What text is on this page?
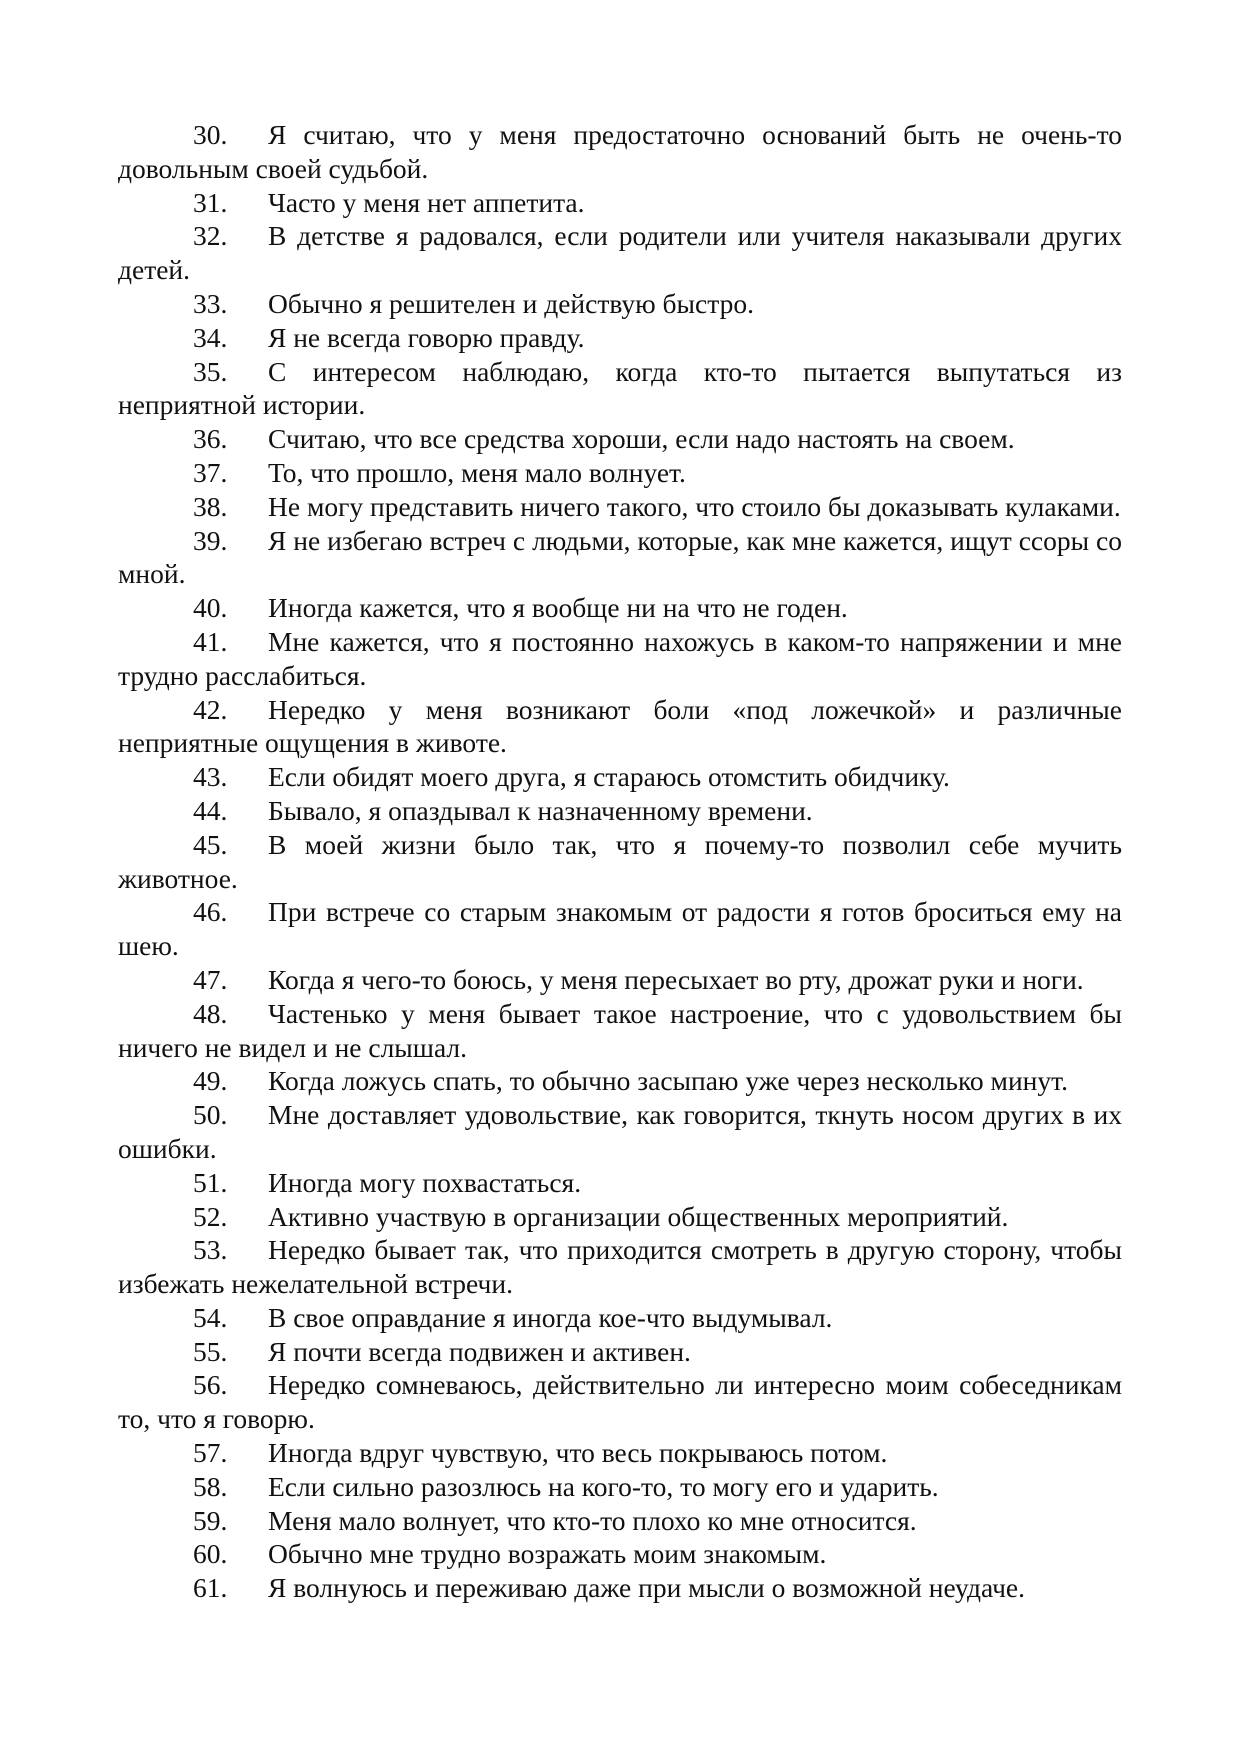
30. Я считаю, что у меня предостаточно оснований быть не очень-то довольным своей судьбой.

31. Часто у меня нет аппетита.

32. В детстве я радовался, если родители или учителя наказывали других детей.

33. Обычно я решителен и действую быстро.

34. Я не всегда говорю правду.

35. С интересом наблюдаю, когда кто-то пытается выпутаться из неприятной истории.

36. Считаю, что все средства хороши, если надо настоять на своем.

37. То, что прошло, меня мало волнует.

38. Не могу представить ничего такого, что стоило бы доказывать кулаками.

39. Я не избегаю встреч с людьми, которые, как мне кажется, ищут ссоры со мной.

40. Иногда кажется, что я вообще ни на что не годен.

41. Мне кажется, что я постоянно нахожусь в каком-то напряжении и мне трудно расслабиться.

42. Нередко у меня возникают боли «под ложечкой» и различные неприятные ощущения в животе.

43. Если обидят моего друга, я стараюсь отомстить обидчику.

44. Бывало, я опаздывал к назначенному времени.

45. В моей жизни было так, что я почему-то позволил себе мучить животное.

46. При встрече со старым знакомым от радости я готов броситься ему на шею.

47. Когда я чего-то боюсь, у меня пересыхает во рту, дрожат руки и ноги.

48. Частенько у меня бывает такое настроение, что с удовольствием бы ничего не видел и не слышал.

49. Когда ложусь спать, то обычно засыпаю уже через несколько минут.

50. Мне доставляет удовольствие, как говорится, ткнуть носом других в их ошибки.

51. Иногда могу похвастаться.

52. Активно участвую в организации общественных мероприятий.

53. Нередко бывает так, что приходится смотреть в другую сторону, чтобы избежать нежелательной встречи.

54. В свое оправдание я иногда кое-что выдумывал.

55. Я почти всегда подвижен и активен.

56. Нередко сомневаюсь, действительно ли интересно моим собеседникам то, что я говорю.

57. Иногда вдруг чувствую, что весь покрываюсь потом.

58. Если сильно разозлюсь на кого-то, то могу его и ударить.

59. Меня мало волнует, что кто-то плохо ко мне относится.

60. Обычно мне трудно возражать моим знакомым.

61. Я волнуюсь и переживаю даже при мысли о возможной неудаче.
